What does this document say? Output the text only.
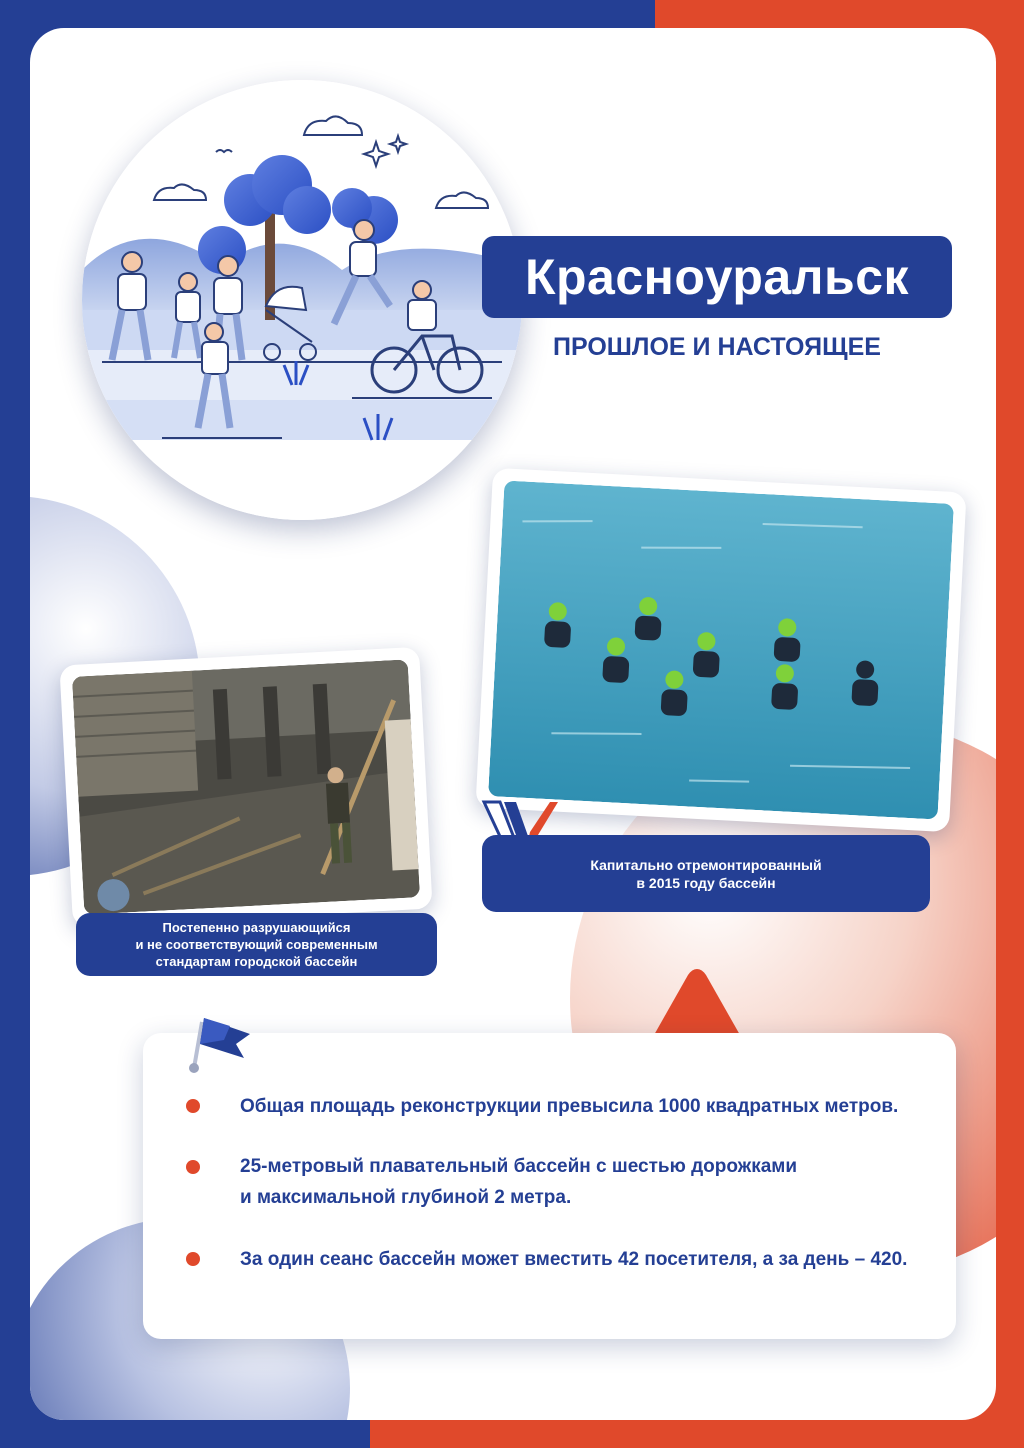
Красноуральск
ПРОШЛОЕ И НАСТОЯЩЕЕ
Капитально отремонтированный
в 2015 году бассейн
Постепенно разрушающийся
и не соответствующий современным
стандартам городской бассейн
Общая площадь реконструкции превысила 1000 квадратных метров.
25-метровый плавательный бассейн с шестью дорожками
и максимальной глубиной 2 метра.
За один сеанс бассейн может вместить 42 посетителя, а за день – 420.
